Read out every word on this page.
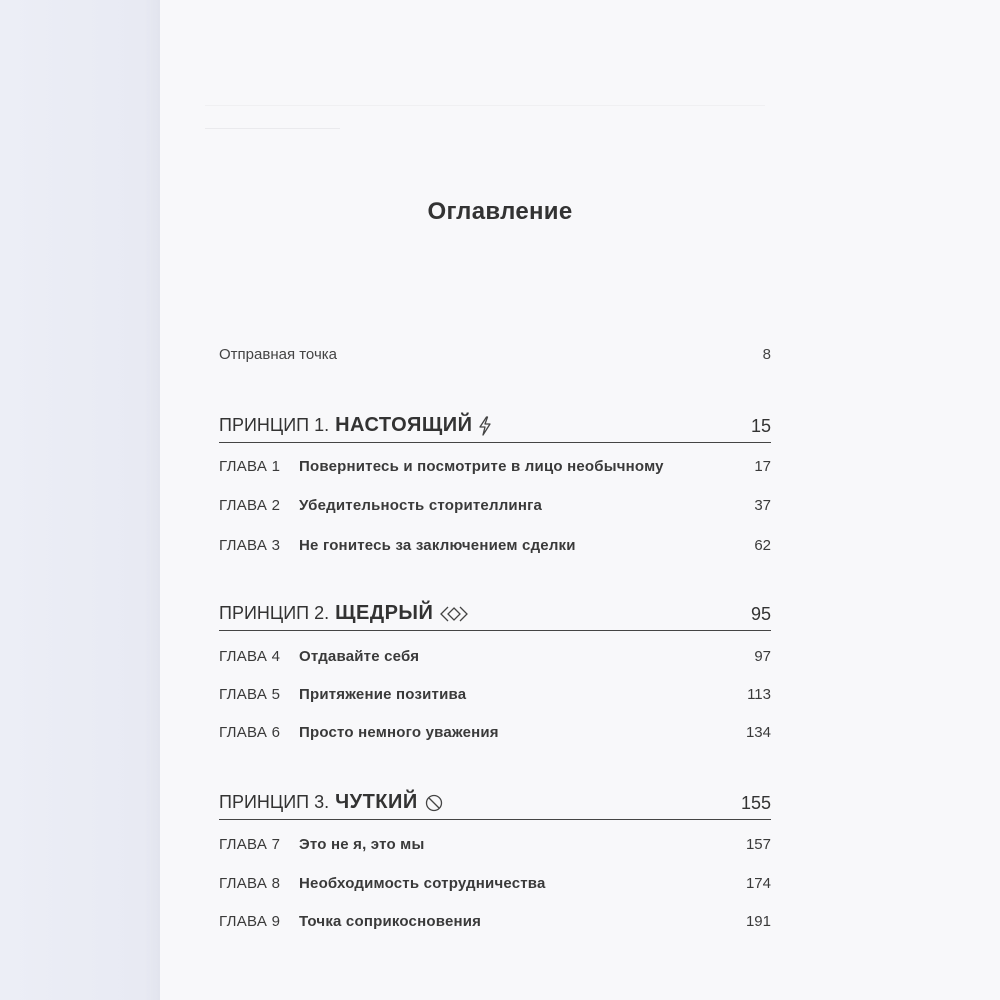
Оглавление
Отправная точка	8
ПРИНЦИП 1. НАСТОЯЩИЙ	15
ГЛАВА 1	Повернитесь и посмотрите в лицо необычному	17
ГЛАВА 2	Убедительность сторителлинга	37
ГЛАВА 3	Не гонитесь за заключением сделки	62
ПРИНЦИП 2. ЩЕДРЫЙ	95
ГЛАВА 4	Отдавайте себя	97
ГЛАВА 5	Притяжение позитива	113
ГЛАВА 6	Просто немного уважения	134
ПРИНЦИП 3. ЧУТКИЙ	155
ГЛАВА 7	Это не я, это мы	157
ГЛАВА 8	Необходимость сотрудничества	174
ГЛАВА 9	Точка соприкосновения	191
